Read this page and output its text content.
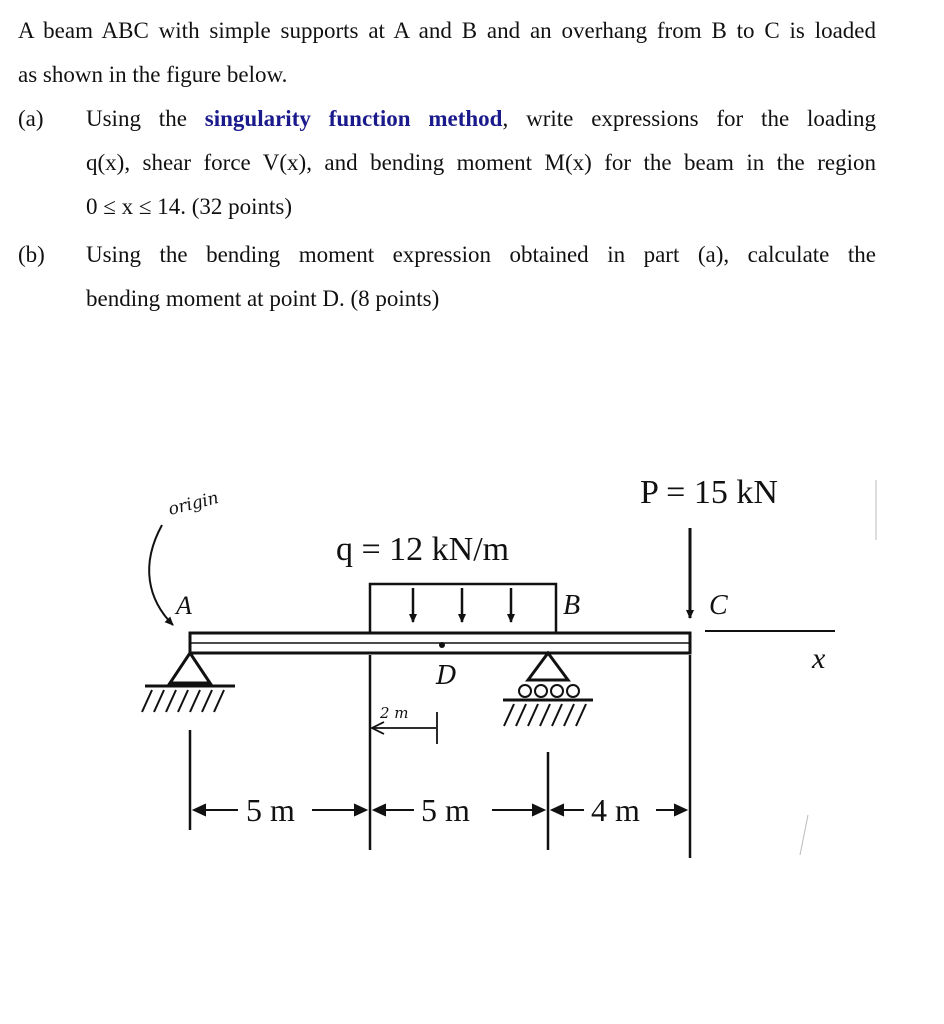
A beam ABC with simple supports at A and B and an overhang from B to C is loaded
as shown in the figure below.
(a) Using the singularity function method, write expressions for the loading
q(x), shear force V(x), and bending moment M(x) for the beam in the region
0 ≤ x ≤ 14. (32 points)
(b) Using the bending moment expression obtained in part (a), calculate the
bending moment at point D. (8 points)
x
A	B
q = 12 kN/m
P = 15 kN
C
D
origin
2 m
5 m	5 m	4 m
